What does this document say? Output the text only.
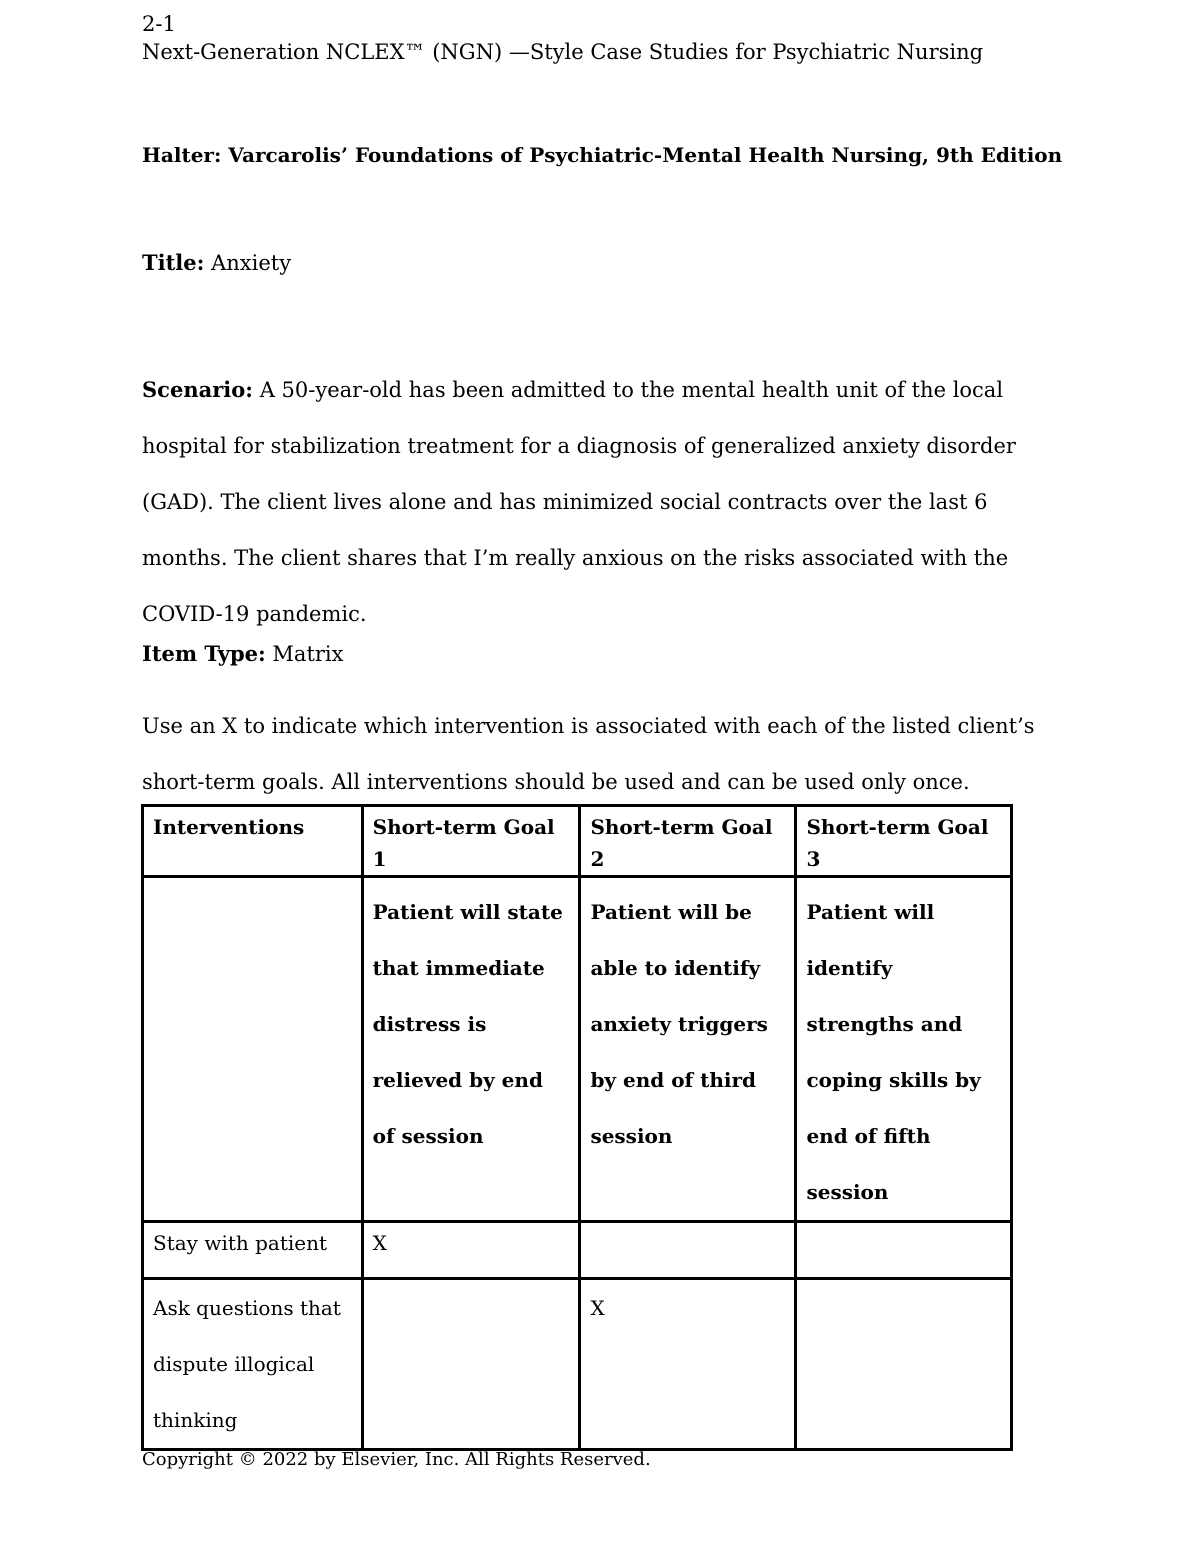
2-1
Next-Generation NCLEX™ (NGN) —Style Case Studies for Psychiatric Nursing
Halter: Varcarolis’ Foundations of Psychiatric-Mental Health Nursing, 9th Edition
Title: Anxiety
Scenario: A 50-year-old has been admitted to the mental health unit of the local hospital for stabilization treatment for a diagnosis of generalized anxiety disorder (GAD). The client lives alone and has minimized social contracts over the last 6 months. The client shares that I’m really anxious on the risks associated with the COVID-19 pandemic.
Item Type: Matrix
Use an X to indicate which intervention is associated with each of the listed client’s short-term goals. All interventions should be used and can be used only once.
Interventions	Short-term Goal 1	Short-term Goal 2	Short-term Goal 3

	Patient will state that immediate distress is relieved by end of session	Patient will be able to identify anxiety triggers by end of third session	Patient will identify strengths and coping skills by end of fifth session

Stay with patient	X		
Ask questions that dispute illogical thinking		X	
Copyright © 2022 by Elsevier, Inc. All Rights Reserved.
